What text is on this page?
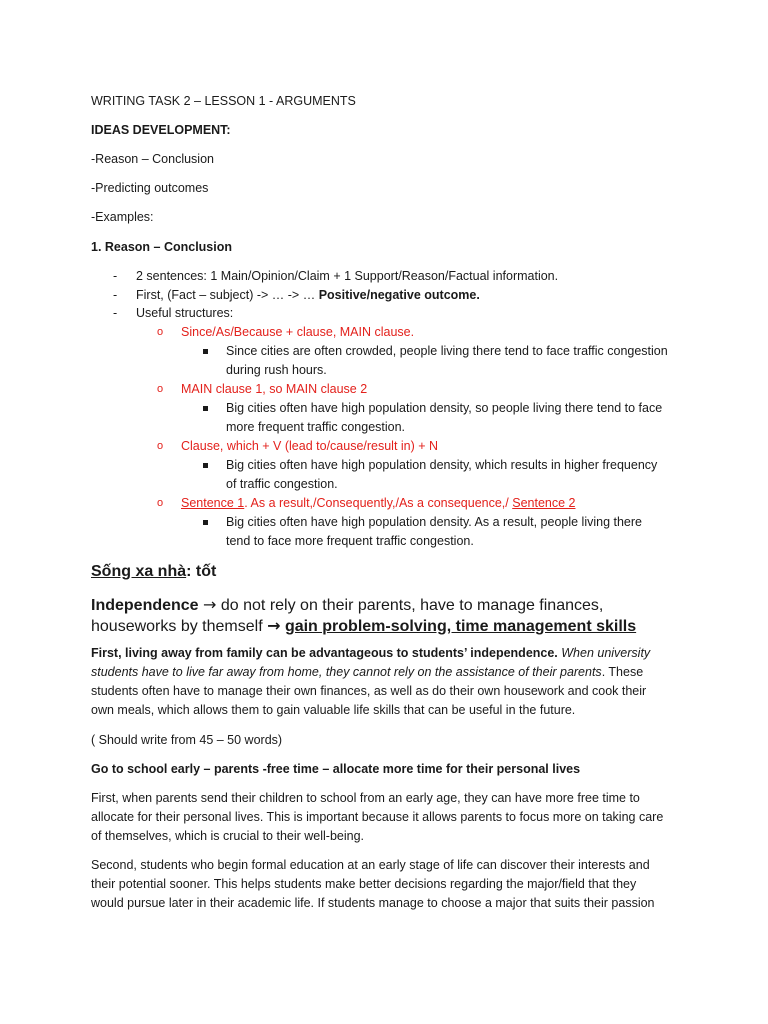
WRITING TASK 2 – LESSON 1 - ARGUMENTS
IDEAS DEVELOPMENT:
-Reason – Conclusion
-Predicting outcomes
-Examples:
1. Reason – Conclusion
- 2 sentences: 1 Main/Opinion/Claim + 1 Support/Reason/Factual information.
- First, (Fact – subject) -> … -> … Positive/negative outcome.
- Useful structures:
o Since/As/Because + clause, MAIN clause.
Since cities are often crowded, people living there tend to face traffic congestion
during rush hours.
o MAIN clause 1, so MAIN clause 2
Big cities often have high population density, so people living there tend to face
more frequent traffic congestion.
o Clause, which + V (lead to/cause/result in) + N
Big cities often have high population density, which results in higher frequency
of traffic congestion.
o Sentence 1. As a result,/Consequently,/As a consequence,/ Sentence 2
Big cities often have high population density. As a result, people living there
tend to face more frequent traffic congestion.
Sống xa nhà: tốt
Independence → do not rely on their parents, have to manage finances,
houseworks by themself → gain problem-solving, time management skills
First, living away from family can be advantageous to students’ independence. When university
students have to live far away from home, they cannot rely on the assistance of their parents. These
students often have to manage their own finances, as well as do their own housework and cook their
own meals, which allows them to gain valuable life skills that can be useful in the future.
( Should write from 45 – 50 words)
Go to school early – parents -free time – allocate more time for their personal lives
First, when parents send their children to school from an early age, they can have more free time to
allocate for their personal lives. This is important because it allows parents to focus more on taking care
of themselves, which is crucial to their well-being.
Second, students who begin formal education at an early stage of life can discover their interests and
their potential sooner. This helps students make better decisions regarding the major/field that they
would pursue later in their academic life. If students manage to choose a major that suits their passion
